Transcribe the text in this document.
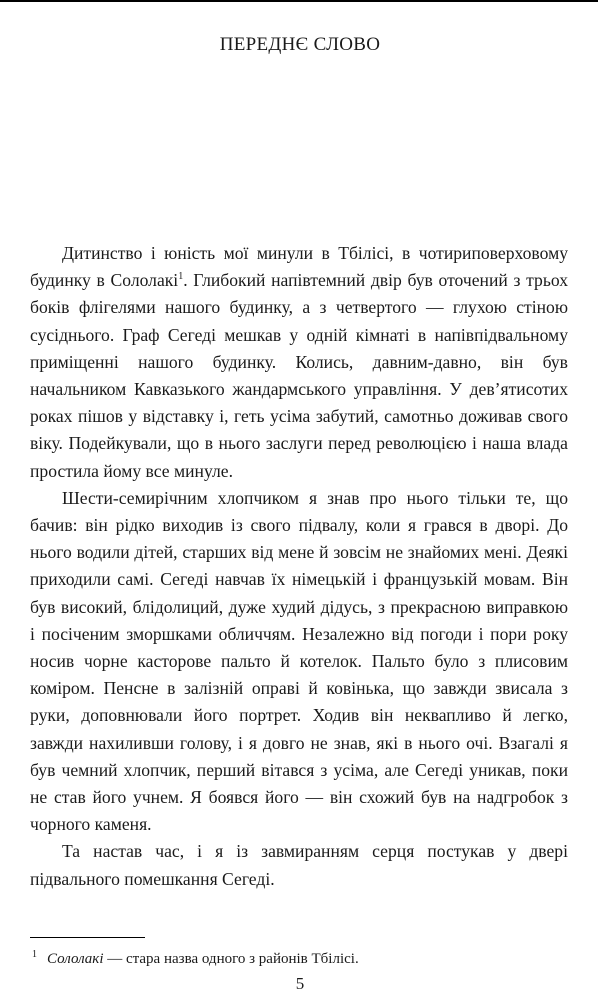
ПЕРЕДНЄ СЛОВО

Дитинство і юність мої минули в Тбілісі, в чотириповерховому будинку в Сололакі$^1$. Глибокий напівтемний двір був оточений з трьох боків флігелями нашого будинку, а з четвертого — глухою стіною сусіднього. Граф Сегеді мешкав у одній кімнаті в напівпідвальному приміщенні нашого будинку. Колись, давним-давно, він був начальником Кавказького жандармського управління. У дев’ятисотих роках пішов у відставку і, геть усіма забутий, самотньо доживав свого віку. Подейкували, що в нього заслуги перед революцією і наша влада простила йому все минуле.

Шести-семирічним хлопчиком я знав про нього тільки те, що бачив: він рідко виходив із свого підвалу, коли я грався в дворі. До нього водили дітей, старших від мене й зовсім не знайомих мені. Деякі приходили самі. Сегеді навчав їх німецькій і французькій мовам. Він був високий, блідолиций, дуже худий дідусь, з прекрасною виправкою і посіченим зморшками обличчям. Незалежно від погоди і пори року носив чорне касторове пальто й котелок. Пальто було з плисовим коміром. Пенсне в залізній оправі й ковінька, що завжди звисала з руки, доповнювали його портрет. Ходив він неквапливо й легко, завжди нахиливши голову, і я довго не знав, які в нього очі. Взагалі я був чемний хлопчик, перший вітався з усіма, але Сегеді уникав, поки не став його учнем. Я боявся його — він схожий був на надгробок з чорного каменя.

Та настав час, і я із завмиранням серця постукав у двері підвального помешкання Сегеді.

$^1$ Сололакі — стара назва одного з районів Тбілісі.
5
